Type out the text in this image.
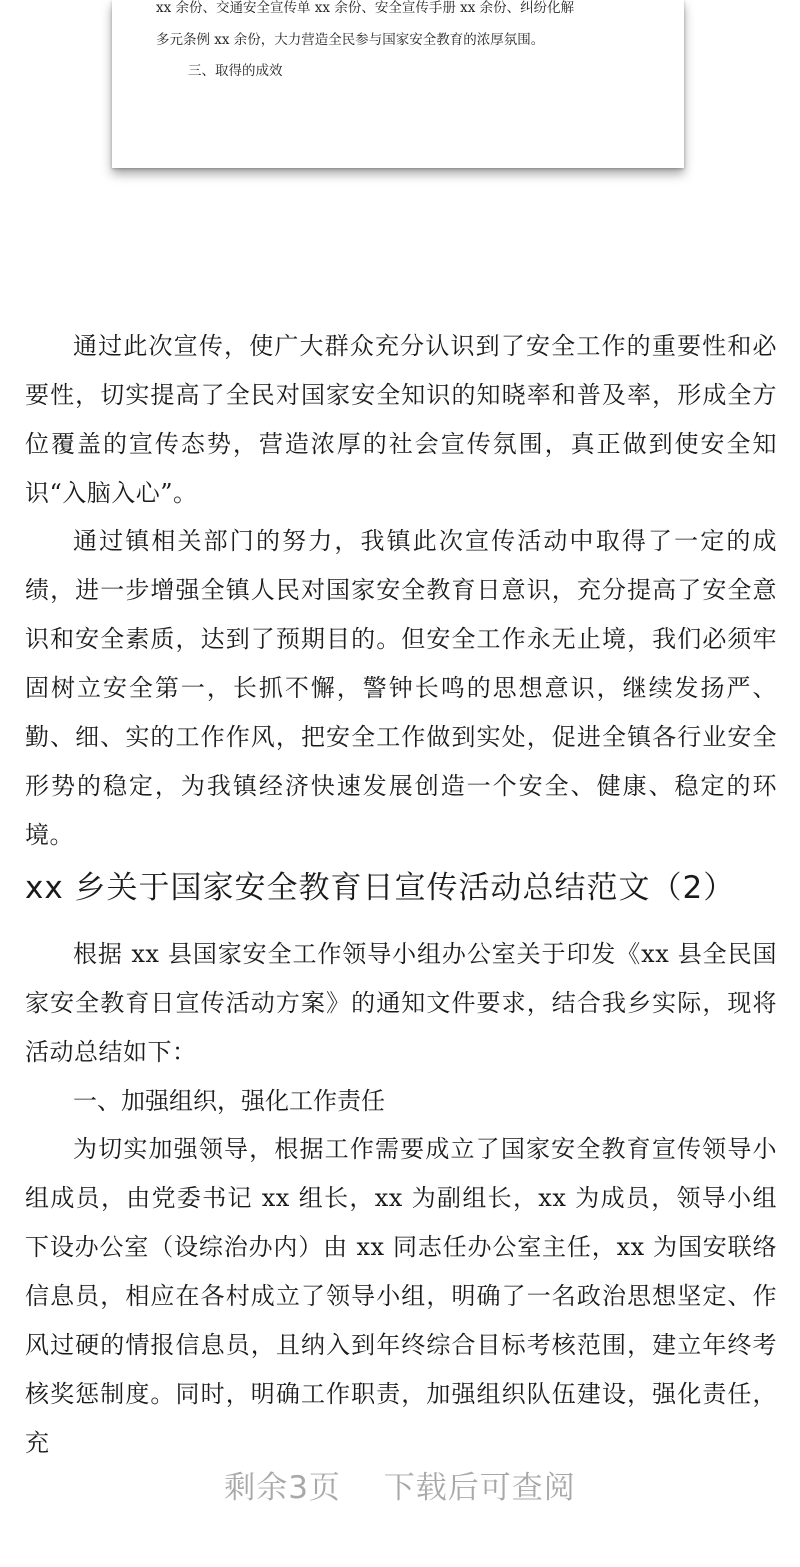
xx 余份、交通安全宣传单 xx 余份、安全宣传手册 xx 余份、纠纷化解
多元条例 xx 余份，大力营造全民参与国家安全教育的浓厚氛围。
三、取得的成效

通过此次宣传，使广大群众充分认识到了安全工作的重要性和必要性，切实提高了全民对国家安全知识的知晓率和普及率，形成全方位覆盖的宣传态势，营造浓厚的社会宣传氛围，真正做到使安全知识“入脑入心”。

通过镇相关部门的努力，我镇此次宣传活动中取得了一定的成绩，进一步增强全镇人民对国家安全教育日意识，充分提高了安全意识和安全素质，达到了预期目的。但安全工作永无止境，我们必须牢固树立安全第一，长抓不懈，警钟长鸣的思想意识，继续发扬严、勤、细、实的工作作风，把安全工作做到实处，促进全镇各行业安全形势的稳定，为我镇经济快速发展创造一个安全、健康、稳定的环境。

xx 乡关于国家安全教育日宣传活动总结范文（2）

根据 xx 县国家安全工作领导小组办公室关于印发《xx 县全民国家安全教育日宣传活动方案》的通知文件要求，结合我乡实际，现将活动总结如下：

一、加强组织，强化工作责任

为切实加强领导，根据工作需要成立了国家安全教育宣传领导小组成员，由党委书记 xx 组长，xx 为副组长，xx 为成员，领导小组下设办公室（设综治办内）由 xx 同志任办公室主任，xx 为国安联络信息员，相应在各村成立了领导小组，明确了一名政治思想坚定、作风过硬的情报信息员，且纳入到年终综合目标考核范围，建立年终考核奖惩制度。同时，明确工作职责，加强组织队伍建设，强化责任，充

剩余3页 下载后可查阅
